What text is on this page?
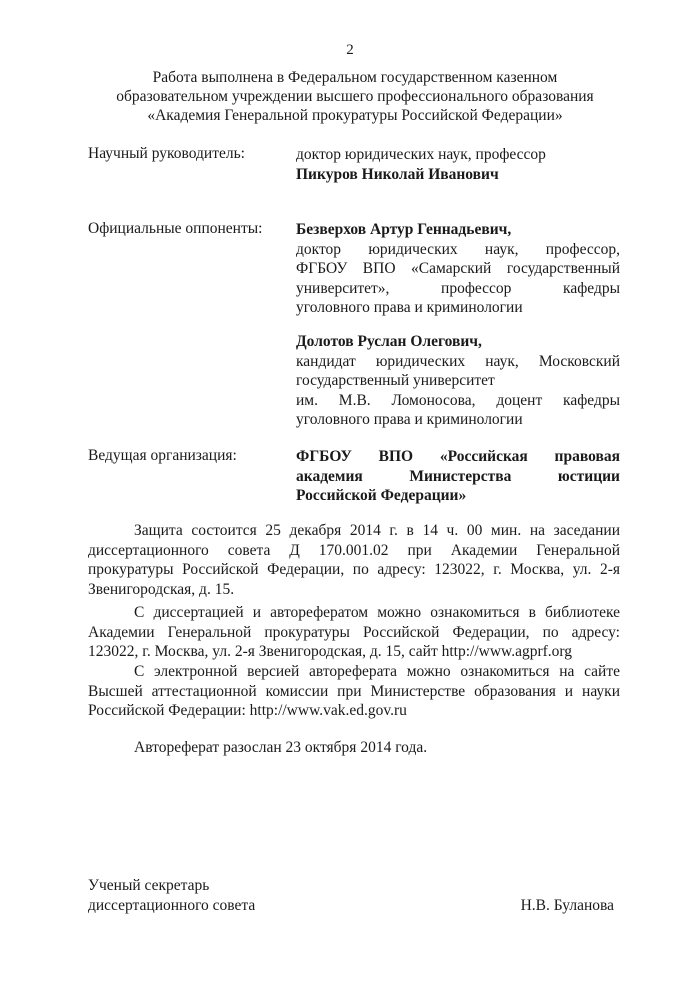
2
Работа выполнена в Федеральном государственном казенном
образовательном учреждении высшего профессионального образования
«Академия Генеральной прокуратуры Российской Федерации»
Научный руководитель:	доктор юридических наук, профессор
Пикуров Николай Иванович
Официальные оппоненты: Безверхов Артур Геннадьевич,
доктор юридических наук, профессор,
ФГБОУ ВПО «Самарский государственный
университет», профессор кафедры
уголовного права и криминологии
Долотов Руслан Олегович,
кандидат юридических наук, Московский
государственный университет
им. М.В. Ломоносова, доцент кафедры
уголовного права и криминологии
Ведущая организация:	ФГБОУ ВПО «Российская правовая
академия Министерства юстиции
Российской Федерации»
Защита состоится 25 декабря 2014 г. в 14 ч. 00 мин. на заседании
диссертационного совета Д 170.001.02 при Академии Генеральной
прокуратуры Российской Федерации, по адресу: 123022, г. Москва, ул. 2-я
Звенигородская, д. 15.
С диссертацией и авторефератом можно ознакомиться в библиотеке
Академии Генеральной прокуратуры Российской Федерации, по адресу:
123022, г. Москва, ул. 2-я Звенигородская, д. 15, сайт http://www.agprf.org
С электронной версией автореферата можно ознакомиться на сайте
Высшей аттестационной комиссии при Министерстве образования и науки
Российской Федерации: http://www.vak.ed.gov.ru
Автореферат разослан 23 октября 2014 года.
Ученый секретарь
диссертационного совета	Н.В. Буланова
